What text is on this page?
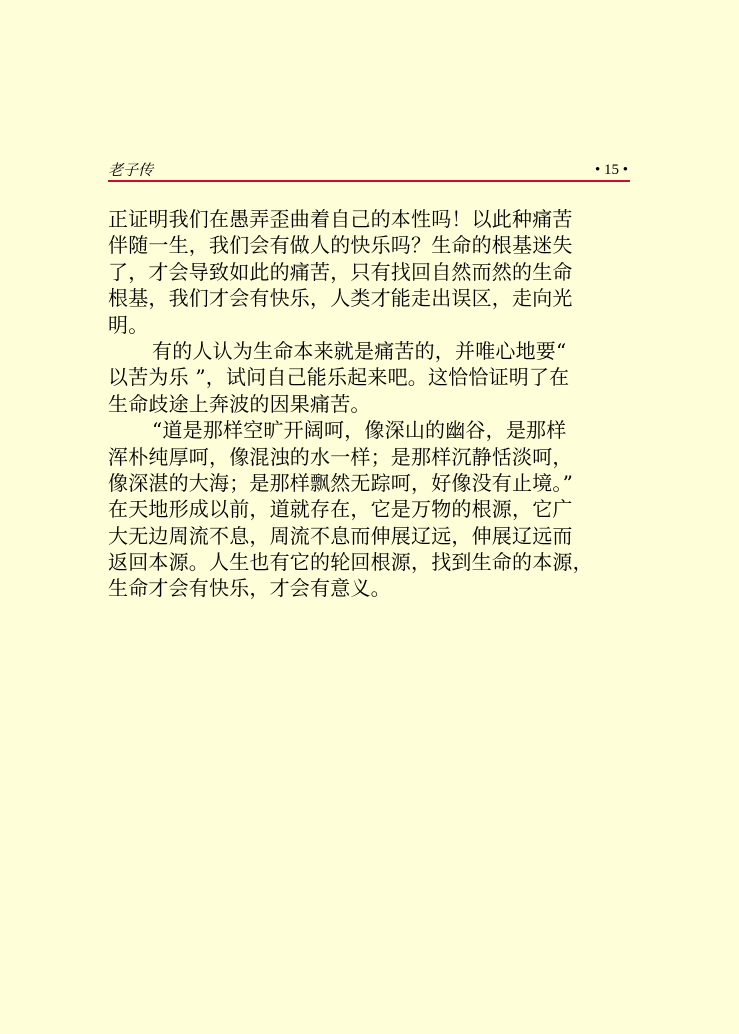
老子传	• 15 •
正证明我们在愚弄歪曲着自己的本性吗！以此种痛苦
伴随一生，我们会有做人的快乐吗？生命的根基迷失
了，才会导致如此的痛苦，只有找回自然而然的生命
根基，我们才会有快乐，人类才能走出误区，走向光
明。
有的人认为生命本来就是痛苦的，并唯心地要“
以苦为乐 ”，试问自己能乐起来吧。这恰恰证明了在
生命歧途上奔波的因果痛苦。
“道是那样空旷开阔呵，像深山的幽谷，是那样
浑朴纯厚呵，像混浊的水一样；是那样沉静恬淡呵，
像深湛的大海；是那样飘然无踪呵，好像没有止境。”
在天地形成以前，道就存在，它是万物的根源，它广
大无边周流不息，周流不息而伸展辽远，伸展辽远而
返回本源。人生也有它的轮回根源，找到生命的本源，
生命才会有快乐，才会有意义。
